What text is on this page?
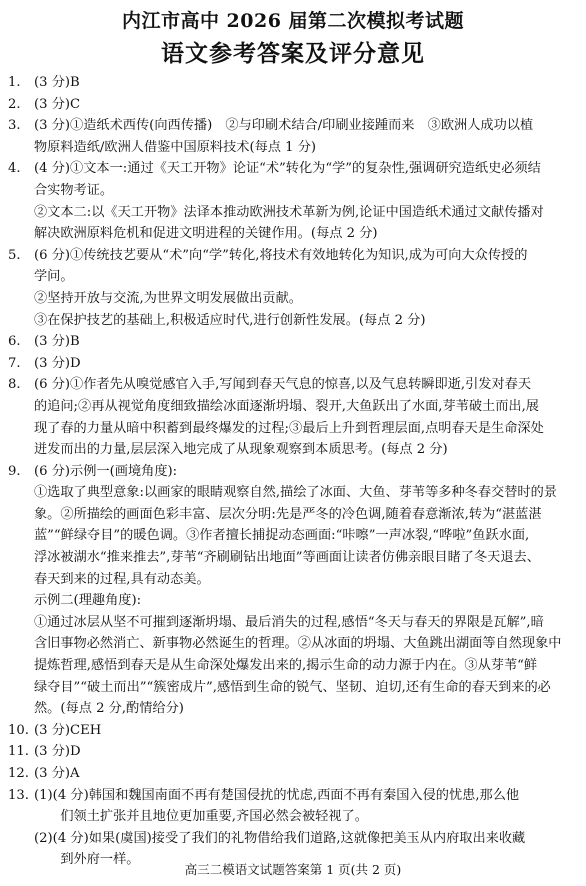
内江市高中 2026 届第二次模拟考试题
语文参考答案及评分意见
1. (3 分)B
2. (3 分)C
3. (3 分)①造纸术西传(向西传播)　②与印刷术结合/印刷业接踵而来　③欧洲人成功以植
物原料造纸/欧洲人借鉴中国原料技术(每点 1 分)
4. (4 分)①文本一:通过《天工开物》论证“术”转化为“学”的复杂性,强调研究造纸史必须结
合实物考证。
②文本二:以《天工开物》法译本推动欧洲技术革新为例,论证中国造纸术通过文献传播对
解决欧洲原料危机和促进文明进程的关键作用。(每点 2 分)
5. (6 分)①传统技艺要从“术”向“学”转化,将技术有效地转化为知识,成为可向大众传授的
学问。
②坚持开放与交流,为世界文明发展做出贡献。
③在保护技艺的基础上,积极适应时代,进行创新性发展。(每点 2 分)
6. (3 分)B
7. (3 分)D
8. (6 分)①作者先从嗅觉感官入手,写闻到春天气息的惊喜,以及气息转瞬即逝,引发对春天
的追问;②再从视觉角度细致描绘冰面逐渐坍塌、裂开,大鱼跃出了水面,芽苇破土而出,展
现了春的力量从暗中积蓄到最终爆发的过程;③最后上升到哲理层面,点明春天是生命深处
迸发而出的力量,层层深入地完成了从现象观察到本质思考。(每点 2 分)
9. (6 分)示例一(画境角度):
①选取了典型意象:以画家的眼睛观察自然,描绘了冰面、大鱼、芽苇等多种冬春交替时的景
象。②所描绘的画面色彩丰富、层次分明:先是严冬的冷色调,随着春意渐浓,转为“湛蓝湛
蓝”“鲜绿夺目”的暖色调。③作者擅长捕捉动态画面:“咔嚓”一声冰裂,“哗啦”鱼跃水面,
浮冰被湖水“推来推去”,芽苇“齐刷刷钻出地面”等画面让读者仿佛亲眼目睹了冬天退去、
春天到来的过程,具有动态美。
示例二(理趣角度):
①通过冰层从坚不可摧到逐渐坍塌、最后消失的过程,感悟“冬天与春天的界限是瓦解”,暗
含旧事物必然消亡、新事物必然诞生的哲理。②从冰面的坍塌、大鱼跳出湖面等自然现象中
提炼哲理,感悟到春天是从生命深处爆发出来的,揭示生命的动力源于内在。③从芽苇“鲜
绿夺目”“破土而出”“簇密成片”,感悟到生命的锐气、坚韧、迫切,还有生命的春天到来的必
然。(每点 2 分,酌情给分)
10. (3 分)CEH
11. (3 分)D
12. (3 分)A
13. (1)(4 分)韩国和魏国南面不再有楚国侵扰的忧虑,西面不再有秦国入侵的忧患,那么他
　　们领土扩张并且地位更加重要,齐国必然会被轻视了。
(2)(4 分)如果(虞国)接受了我们的礼物借给我们道路,这就像把美玉从内府取出来收藏
　　到外府一样。
高三二模语文试题答案第 1 页(共 2 页)
